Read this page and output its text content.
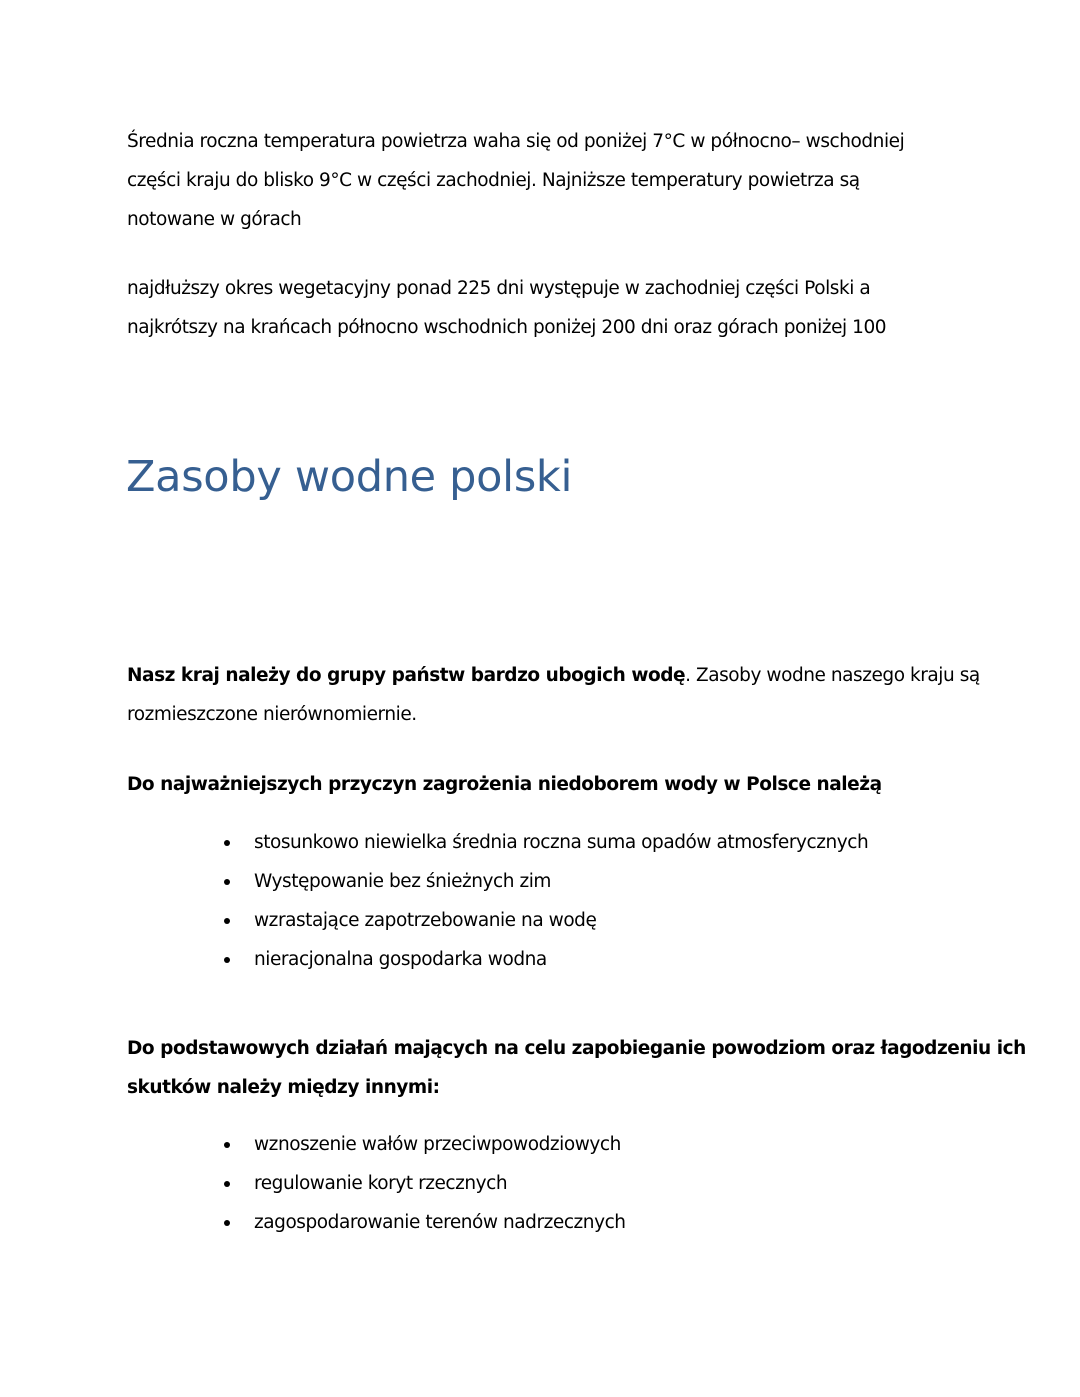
Średnia roczna temperatura powietrza waha się od poniżej 7°C w północno– wschodniej
części kraju do blisko 9°C w części zachodniej. Najniższe temperatury powietrza są
notowane w górach
najdłuższy okres wegetacyjny ponad 225 dni występuje w zachodniej części Polski a
najkrótszy na krańcach północno wschodnich poniżej 200 dni oraz górach poniżej 100
Zasoby wodne polski
Nasz kraj należy do grupy państw bardzo ubogich wodę. Zasoby wodne naszego kraju są
rozmieszczone nierównomiernie.
Do najważniejszych przyczyn zagrożenia niedoborem wody w Polsce należą
stosunkowo niewielka średnia roczna suma opadów atmosferycznych
Występowanie bez śnieżnych zim
wzrastające zapotrzebowanie na wodę
nieracjonalna gospodarka wodna
Do podstawowych działań mających na celu zapobieganie powodziom oraz łagodzeniu ich
skutków należy między innymi:
wznoszenie wałów przeciwpowodziowych
regulowanie koryt rzecznych
zagospodarowanie terenów nadrzecznych
